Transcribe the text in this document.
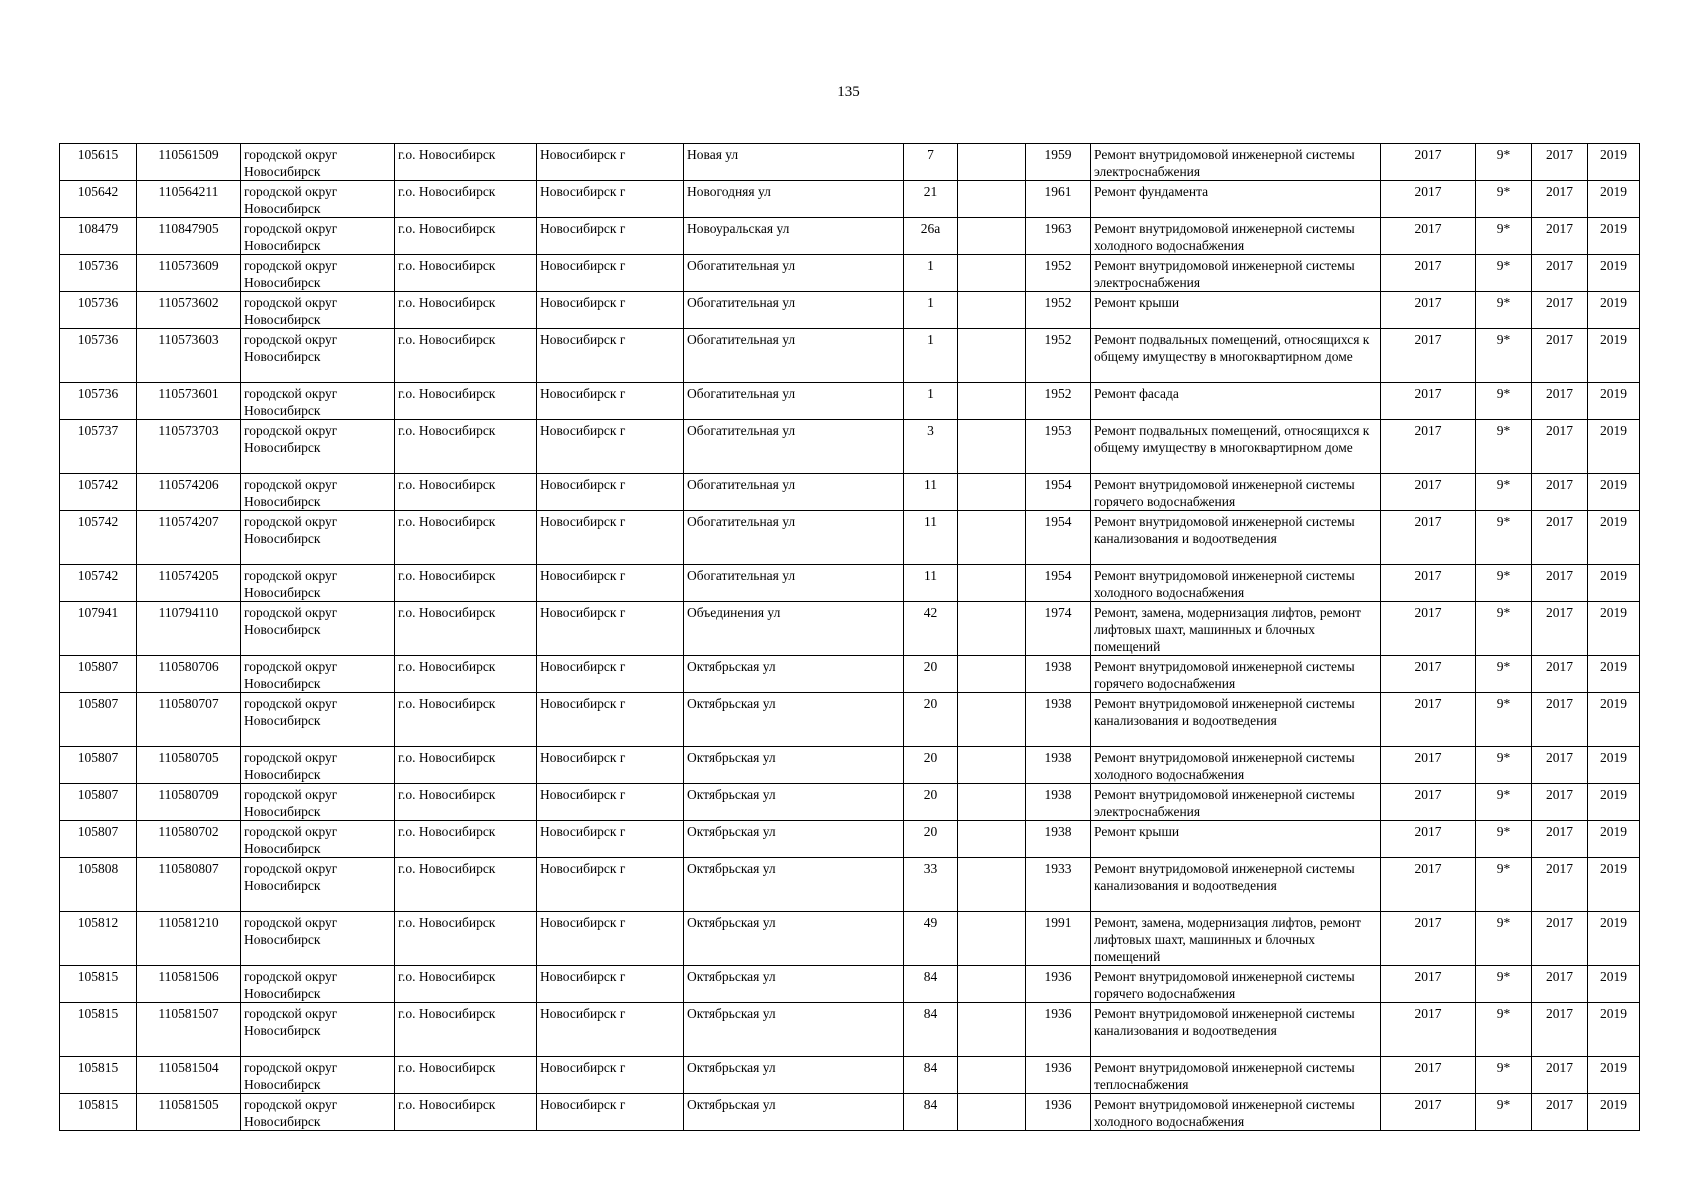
135
105615	110561509	городской округ Новосибирск	г.о. Новосибирск	Новосибирск г	Новая ул	7		1959	Ремонт внутридомовой инженерной системы электроснабжения	2017	9*	2017	2019
105642	110564211	городской округ Новосибирск	г.о. Новосибирск	Новосибирск г	Новогодняя ул	21		1961	Ремонт фундамента	2017	9*	2017	2019
108479	110847905	городской округ Новосибирск	г.о. Новосибирск	Новосибирск г	Новоуральская ул	26а		1963	Ремонт внутридомовой инженерной системы холодного водоснабжения	2017	9*	2017	2019
105736	110573609	городской округ Новосибирск	г.о. Новосибирск	Новосибирск г	Обогатительная ул	1		1952	Ремонт внутридомовой инженерной системы электроснабжения	2017	9*	2017	2019
105736	110573602	городской округ Новосибирск	г.о. Новосибирск	Новосибирск г	Обогатительная ул	1		1952	Ремонт крыши	2017	9*	2017	2019
105736	110573603	городской округ Новосибирск	г.о. Новосибирск	Новосибирск г	Обогатительная ул	1		1952	Ремонт подвальных помещений, относящихся к общему имуществу в многоквартирном доме	2017	9*	2017	2019
105736	110573601	городской округ Новосибирск	г.о. Новосибирск	Новосибирск г	Обогатительная ул	1		1952	Ремонт фасада	2017	9*	2017	2019
105737	110573703	городской округ Новосибирск	г.о. Новосибирск	Новосибирск г	Обогатительная ул	3		1953	Ремонт подвальных помещений, относящихся к общему имуществу в многоквартирном доме	2017	9*	2017	2019
105742	110574206	городской округ Новосибирск	г.о. Новосибирск	Новосибирск г	Обогатительная ул	11		1954	Ремонт внутридомовой инженерной системы горячего водоснабжения	2017	9*	2017	2019
105742	110574207	городской округ Новосибирск	г.о. Новосибирск	Новосибирск г	Обогатительная ул	11		1954	Ремонт внутридомовой инженерной системы канализования и водоотведения	2017	9*	2017	2019
105742	110574205	городской округ Новосибирск	г.о. Новосибирск	Новосибирск г	Обогатительная ул	11		1954	Ремонт внутридомовой инженерной системы холодного водоснабжения	2017	9*	2017	2019
107941	110794110	городской округ Новосибирск	г.о. Новосибирск	Новосибирск г	Объединения ул	42		1974	Ремонт, замена, модернизация лифтов, ремонт лифтовых шахт, машинных и блочных помещений	2017	9*	2017	2019
105807	110580706	городской округ Новосибирск	г.о. Новосибирск	Новосибирск г	Октябрьская ул	20		1938	Ремонт внутридомовой инженерной системы горячего водоснабжения	2017	9*	2017	2019
105807	110580707	городской округ Новосибирск	г.о. Новосибирск	Новосибирск г	Октябрьская ул	20		1938	Ремонт внутридомовой инженерной системы канализования и водоотведения	2017	9*	2017	2019
105807	110580705	городской округ Новосибирск	г.о. Новосибирск	Новосибирск г	Октябрьская ул	20		1938	Ремонт внутридомовой инженерной системы холодного водоснабжения	2017	9*	2017	2019
105807	110580709	городской округ Новосибирск	г.о. Новосибирск	Новосибирск г	Октябрьская ул	20		1938	Ремонт внутридомовой инженерной системы электроснабжения	2017	9*	2017	2019
105807	110580702	городской округ Новосибирск	г.о. Новосибирск	Новосибирск г	Октябрьская ул	20		1938	Ремонт крыши	2017	9*	2017	2019
105808	110580807	городской округ Новосибирск	г.о. Новосибирск	Новосибирск г	Октябрьская ул	33		1933	Ремонт внутридомовой инженерной системы канализования и водоотведения	2017	9*	2017	2019
105812	110581210	городской округ Новосибирск	г.о. Новосибирск	Новосибирск г	Октябрьская ул	49		1991	Ремонт, замена, модернизация лифтов, ремонт лифтовых шахт, машинных и блочных помещений	2017	9*	2017	2019
105815	110581506	городской округ Новосибирск	г.о. Новосибирск	Новосибирск г	Октябрьская ул	84		1936	Ремонт внутридомовой инженерной системы горячего водоснабжения	2017	9*	2017	2019
105815	110581507	городской округ Новосибирск	г.о. Новосибирск	Новосибирск г	Октябрьская ул	84		1936	Ремонт внутридомовой инженерной системы канализования и водоотведения	2017	9*	2017	2019
105815	110581504	городской округ Новосибирск	г.о. Новосибирск	Новосибирск г	Октябрьская ул	84		1936	Ремонт внутридомовой инженерной системы теплоснабжения	2017	9*	2017	2019
105815	110581505	городской округ Новосибирск	г.о. Новосибирск	Новосибирск г	Октябрьская ул	84		1936	Ремонт внутридомовой инженерной системы холодного водоснабжения	2017	9*	2017	2019
